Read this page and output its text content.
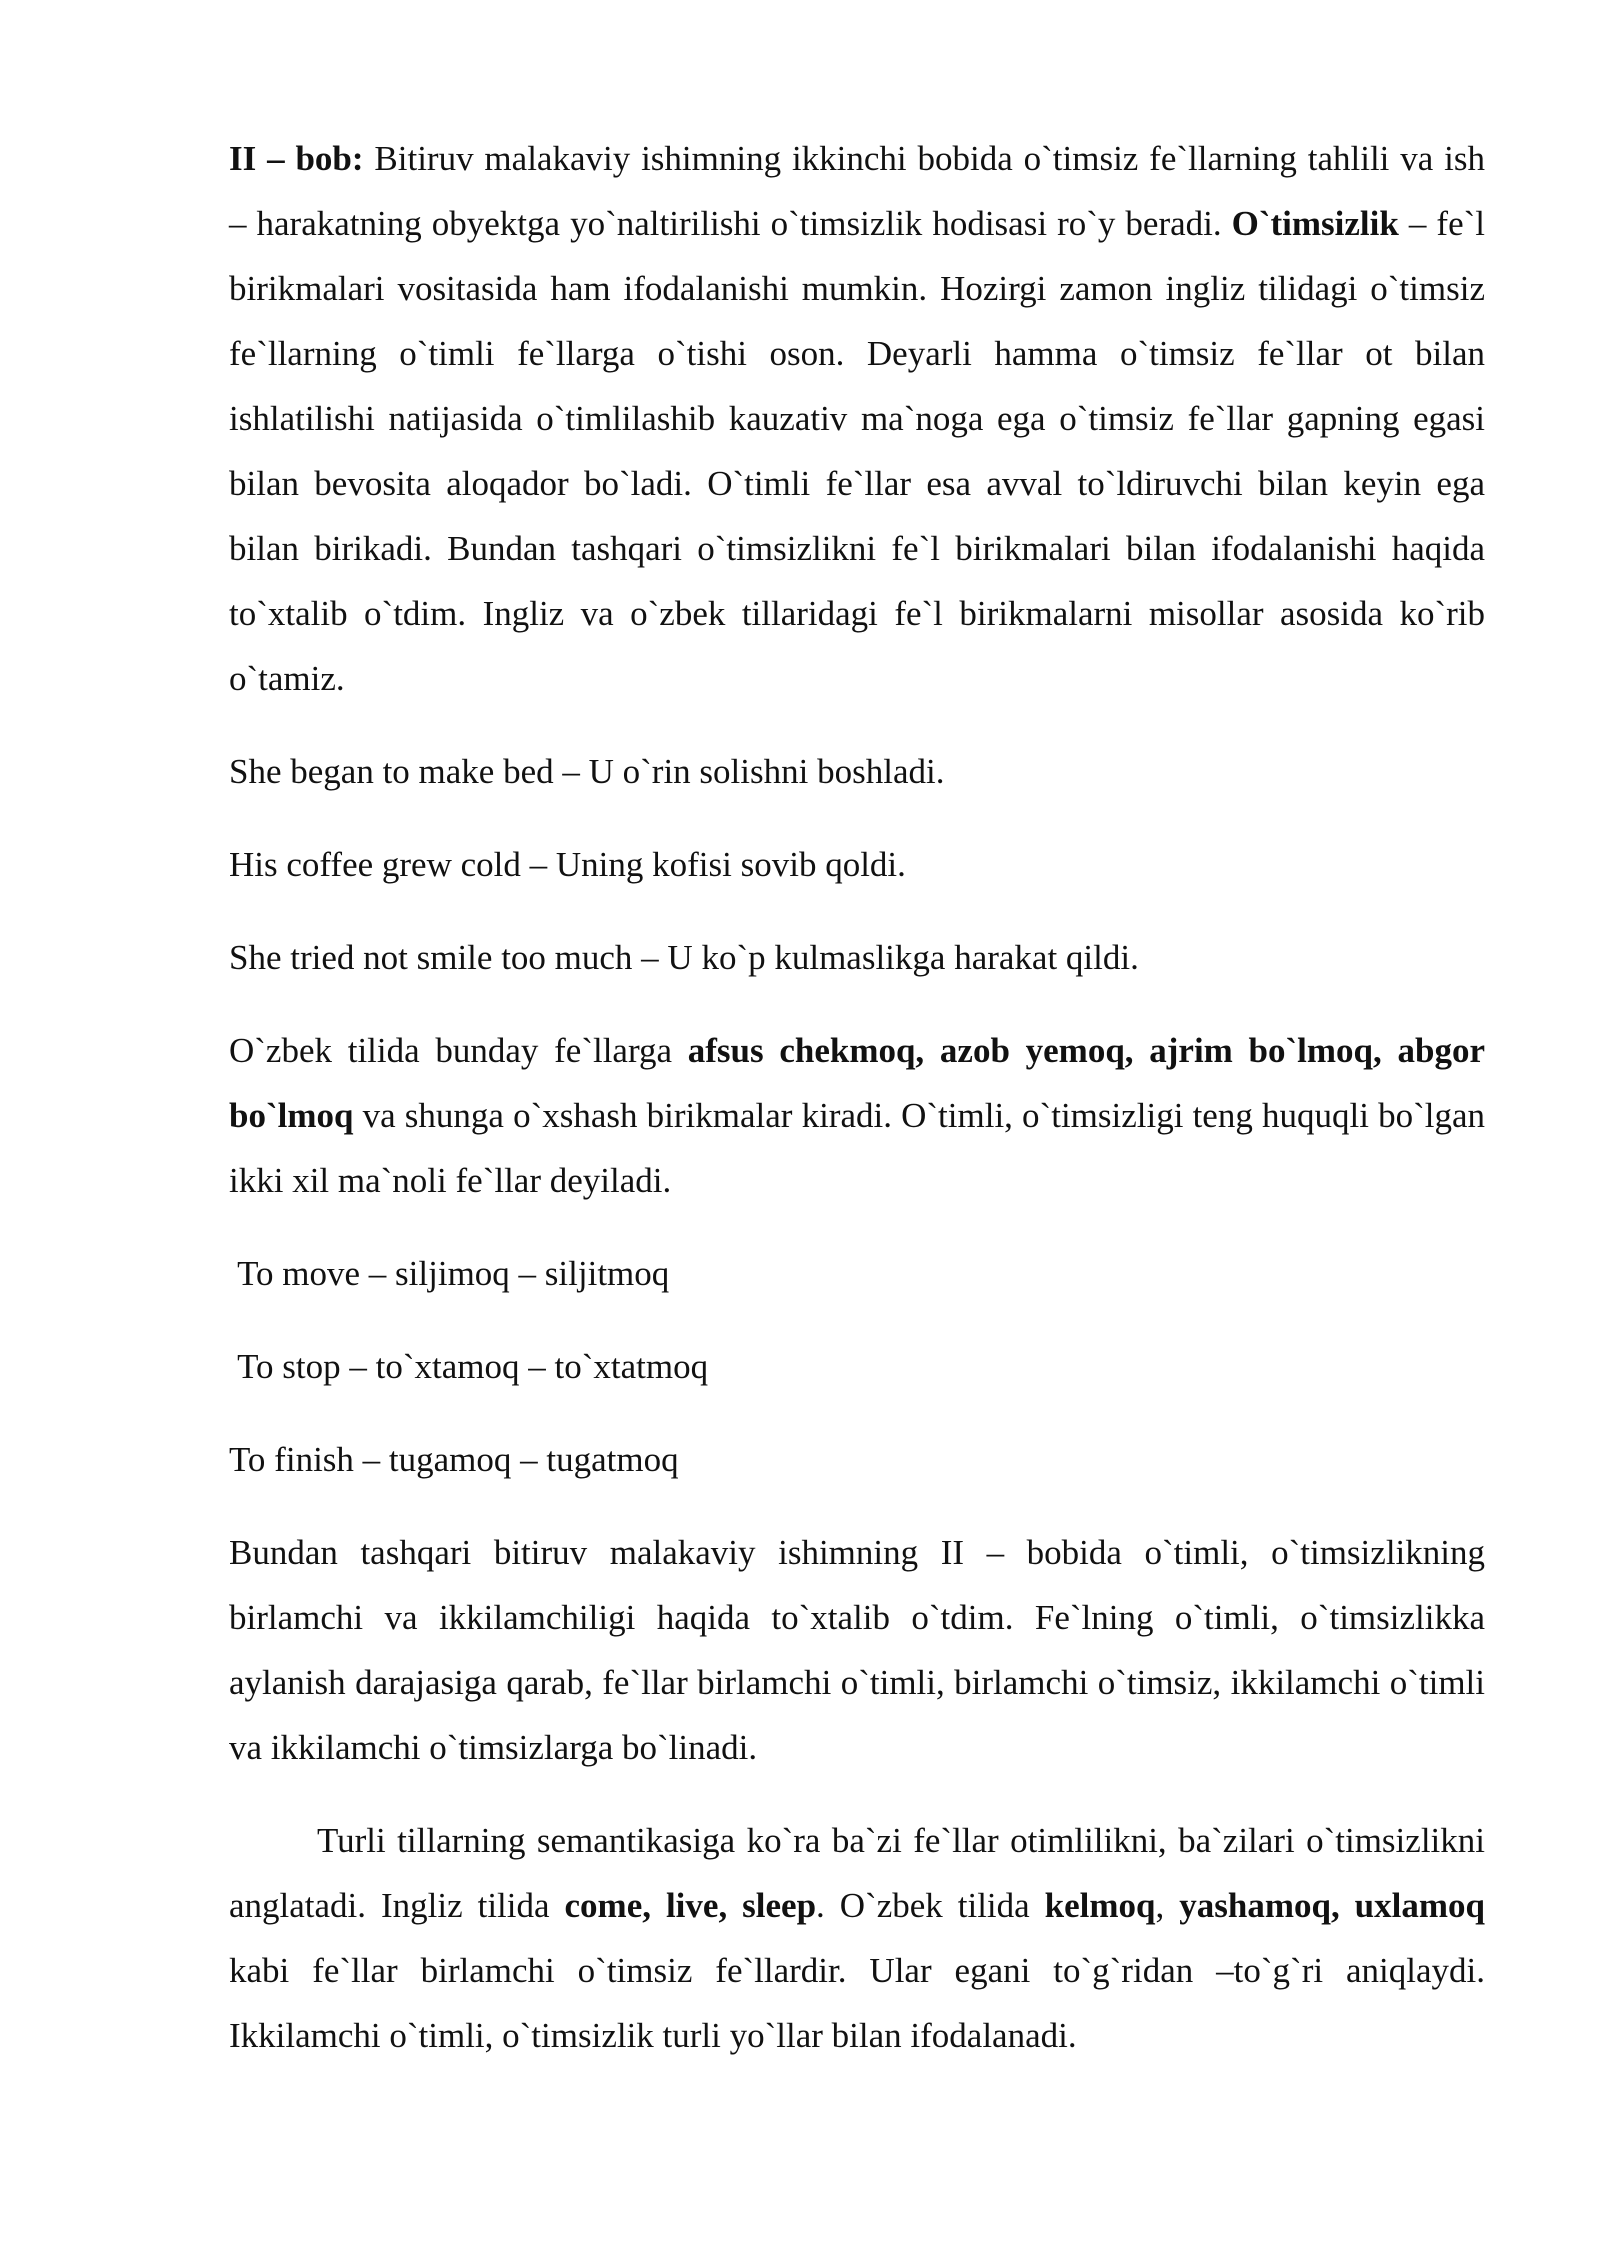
II – bob: Bitiruv malakaviy ishimning ikkinchi bobida o`timsiz fe`llarning tahlili va ish – harakatning obyektga yo`naltirilishi o`timsizlik hodisasi ro`y beradi. O`timsizlik – fe`l birikmalari vositasida ham ifodalanishi mumkin. Hozirgi zamon ingliz tilidagi o`timsiz fe`llarning o`timli fe`llarga o`tishi oson. Deyarli hamma o`timsiz fe`llar ot bilan ishlatilishi natijasida o`timlilashib kauzativ ma`noga ega o`timsiz fe`llar gapning egasi bilan bevosita aloqador bo`ladi. O`timli fe`llar esa avval to`ldiruvchi bilan keyin ega bilan birikadi. Bundan tashqari o`timsizlikni fe`l birikmalari bilan ifodalanishi haqida to`xtalib o`tdim. Ingliz va o`zbek tillaridagi fe`l birikmalarni misollar asosida ko`rib o`tamiz.

She began to make bed – U o`rin solishni boshladi.

His coffee grew cold – Uning kofisi sovib qoldi.

She tried not smile too much – U ko`p kulmaslikga harakat qildi.

O`zbek tilida bunday fe`llarga afsus chekmoq, azob yemoq, ajrim bo`lmoq, abgor bo`lmoq va shunga o`xshash birikmalar kiradi. O`timli, o`timsizligi teng huquqli bo`lgan ikki xil ma`noli fe`llar deyiladi.

To move – siljimoq – siljitmoq

To stop – to`xtamoq – to`xtatmoq

To finish – tugamoq – tugatmoq

Bundan tashqari bitiruv malakaviy ishimning II – bobida o`timli, o`timsizlikning birlamchi va ikkilamchiligi haqida to`xtalib o`tdim. Fe`lning o`timli, o`timsizlikka aylanish darajasiga qarab, fe`llar birlamchi o`timli, birlamchi o`timsiz, ikkilamchi o`timli va ikkilamchi o`timsizlarga bo`linadi.

Turli tillarning semantikasiga ko`ra ba`zi fe`llar otimlilikni, ba`zilari o`timsizlikni anglatadi. Ingliz tilida come, live, sleep. O`zbek tilida kelmoq, yashamoq, uxlamoq kabi fe`llar birlamchi o`timsiz fe`llardir. Ular egani to`g`ridan –to`g`ri aniqlaydi. Ikkilamchi o`timli, o`timsizlik turli yo`llar bilan ifodalanadi.
